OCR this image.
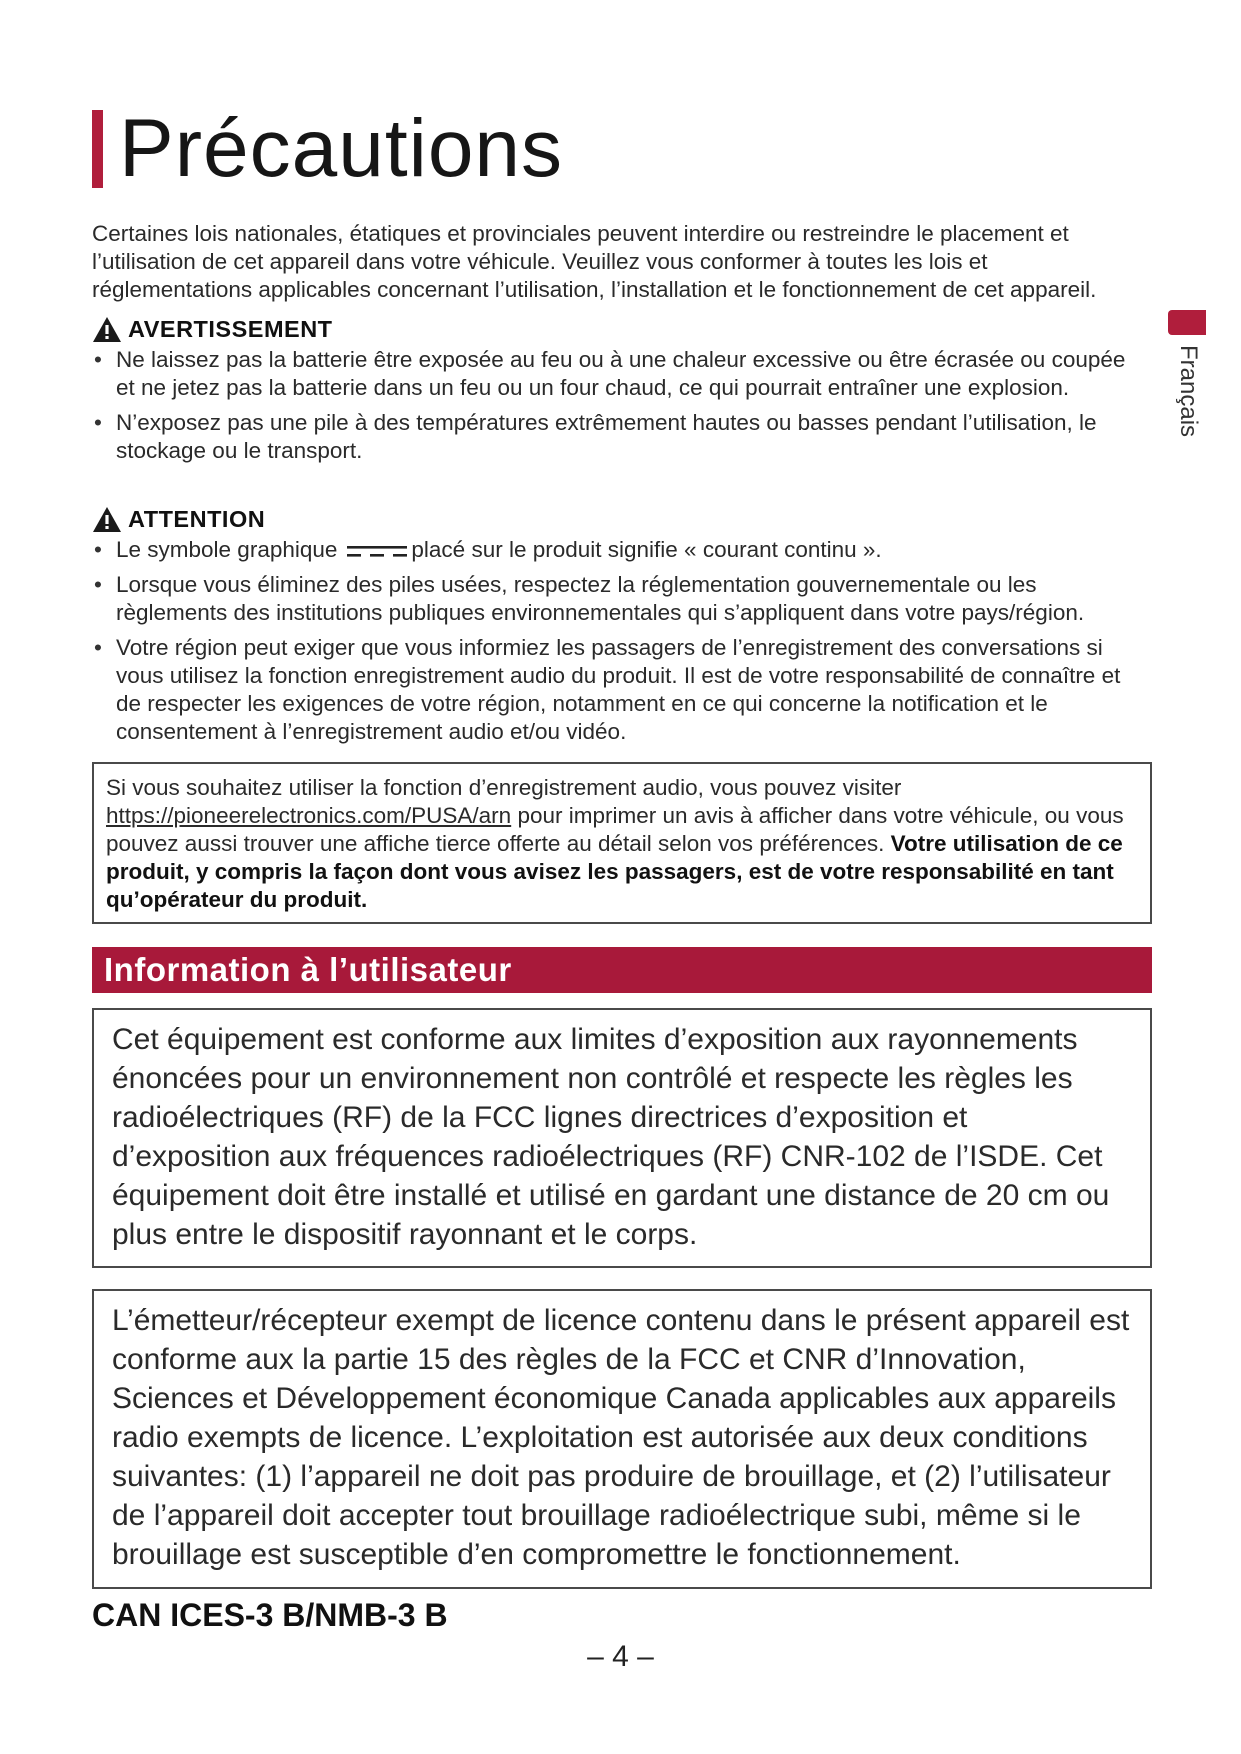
Précautions

Certaines lois nationales, étatiques et provinciales peuvent interdire ou restreindre le placement et l’utilisation de cet appareil dans votre véhicule. Veuillez vous conformer à toutes les lois et réglementations applicables concernant l’utilisation, l’installation et le fonctionnement de cet appareil.

Français
AVERTISSEMENT
• Ne laissez pas la batterie être exposée au feu ou à une chaleur excessive ou être écrasée ou coupée et ne jetez pas la batterie dans un feu ou un four chaud, ce qui pourrait entraîner une explosion.
• N’exposez pas une pile à des températures extrêmement hautes ou basses pendant l’utilisation, le stockage ou le transport.
ATTENTION
• Le symbole graphique	placé sur le produit signifie « courant continu ».
• Lorsque vous éliminez des piles usées, respectez la réglementation gouvernementale ou les règlements des institutions publiques environnementales qui s’appliquent dans votre pays/région.
• Votre région peut exiger que vous informiez les passagers de l’enregistrement des conversations si vous utilisez la fonction enregistrement audio du produit. Il est de votre responsabilité de connaître et de respecter les exigences de votre région, notamment en ce qui concerne la notification et le consentement à l’enregistrement audio et/ou vidéo.
Si vous souhaitez utiliser la fonction d’enregistrement audio, vous pouvez visiter https://pioneerelectronics.com/PUSA/arn pour imprimer un avis à afficher dans votre véhicule, ou vous pouvez aussi trouver une affiche tierce offerte au détail selon vos préférences. Votre utilisation de ce produit, y compris la façon dont vous avisez les passagers, est de votre responsabilité en tant qu’opérateur du produit.
Information à l’utilisateur
Cet équipement est conforme aux limites d’exposition aux rayonnements énoncées pour un environnement non contrôlé et respecte les règles les radioélectriques (RF) de la FCC lignes directrices d’exposition et d’exposition aux fréquences radioélectriques (RF) CNR-102 de l’ISDE. Cet équipement doit être installé et utilisé en gardant une distance de 20 cm ou plus entre le dispositif rayonnant et le corps.
L’émetteur/récepteur exempt de licence contenu dans le présent appareil est conforme aux la partie 15 des règles de la FCC et CNR d’Innovation, Sciences et Développement économique Canada applicables aux appareils radio exempts de licence. L’exploitation est autorisée aux deux conditions suivantes: (1) l’appareil ne doit pas produire de brouillage, et (2) l’utilisateur de l’appareil doit accepter tout brouillage radioélectrique subi, même si le brouillage est susceptible d’en compromettre le fonctionnement.
CAN ICES-3 B/NMB-3 B
– 4 –
